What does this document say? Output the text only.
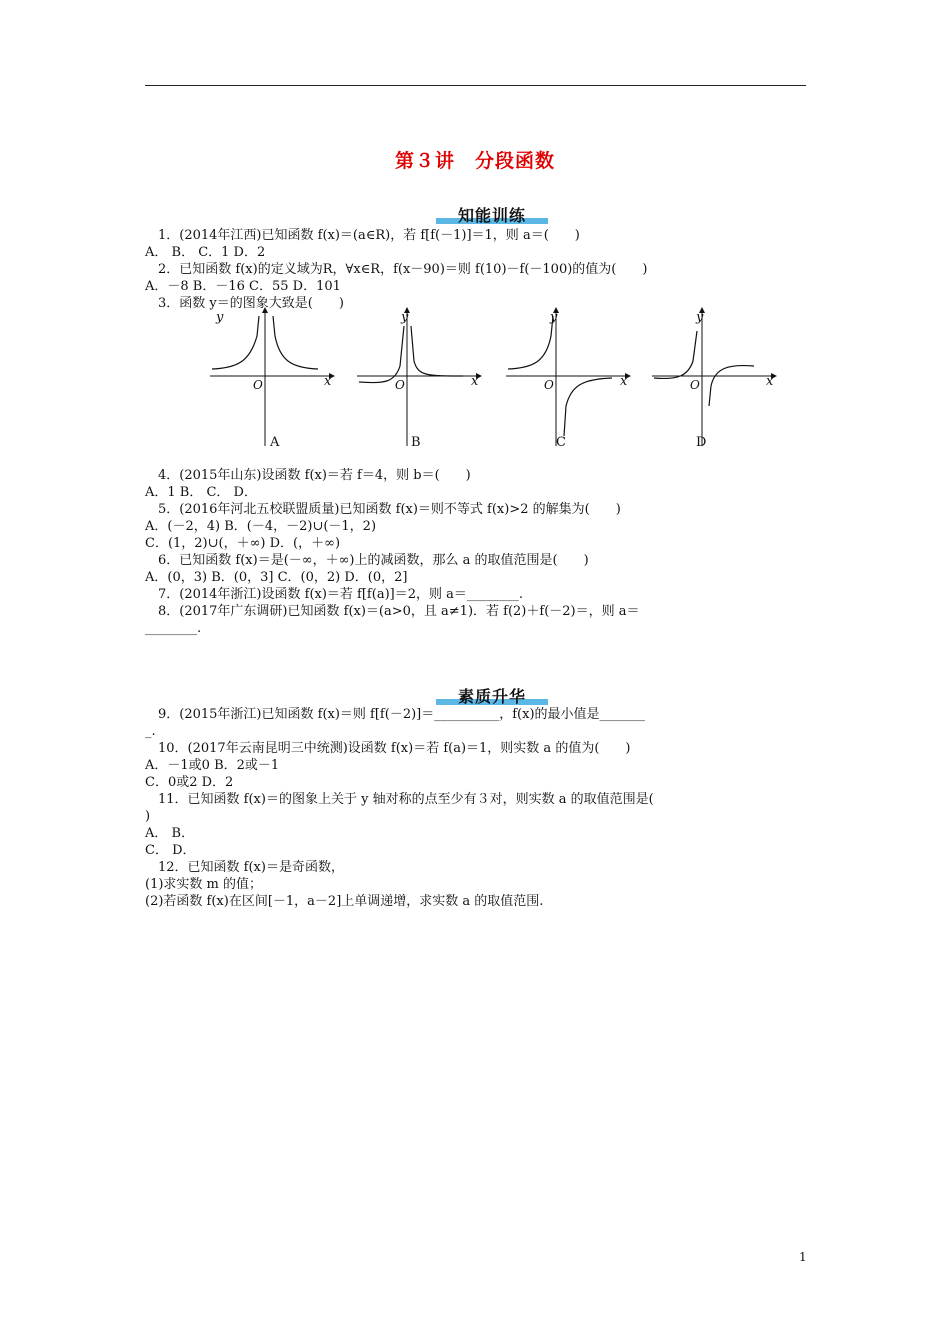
第３讲　分段函数
知能训练
　1．(2014年江西)已知函数 f(x)＝(a∈R)，若 f[f(－1)]＝1，则 a＝(　　)
A． B． C．1 D．2
　2．已知函数 f(x)的定义域为R，∀x∈R，f(x－90)＝则 f(10)－f(－100)的值为(　　)
A．－8 B．－16 C．55 D．101
　3．函数 y＝的图象大致是(　　)
y
x
O
A
y
x
O
B
y
x
O
C
y
x
O
D
　4．(2015年山东)设函数 f(x)＝若 f＝4，则 b＝(　　)
A．1 B． C． D．
　5．(2016年河北五校联盟质量)已知函数 f(x)＝则不等式 f(x)>2 的解集为(　　)
A．(－2，4) B．(－4，－2)∪(－1，2)
C．(1，2)∪(，＋∞) D．(，＋∞)
　6．已知函数 f(x)＝是(－∞，＋∞)上的减函数，那么 a 的取值范围是(　　)
A．(0，3) B．(0，3] C．(0，2) D．(0，2]
　7．(2014年浙江)设函数 f(x)＝若 f[f(a)]＝2，则 a＝________.
　8．(2017年广东调研)已知函数 f(x)＝(a>0，且 a≠1)．若 f(2)＋f(－2)＝，则 a＝
________.
素质升华
　9．(2015年浙江)已知函数 f(x)＝则 f[f(－2)]＝__________，f(x)的最小值是_______
_.
　10．(2017年云南昆明三中统测)设函数 f(x)＝若 f(a)＝1，则实数 a 的值为(　　)
A．－1或0 B．2或－1
C．0或2 D．2
　11．已知函数 f(x)＝的图象上关于 y 轴对称的点至少有３对，则实数 a 的取值范围是(
)
A． B．
C． D．
　12．已知函数 f(x)＝是奇函数，
(1)求实数 m 的值；
(2)若函数 f(x)在区间[－1，a－2]上单调递增，求实数 a 的取值范围.
1
